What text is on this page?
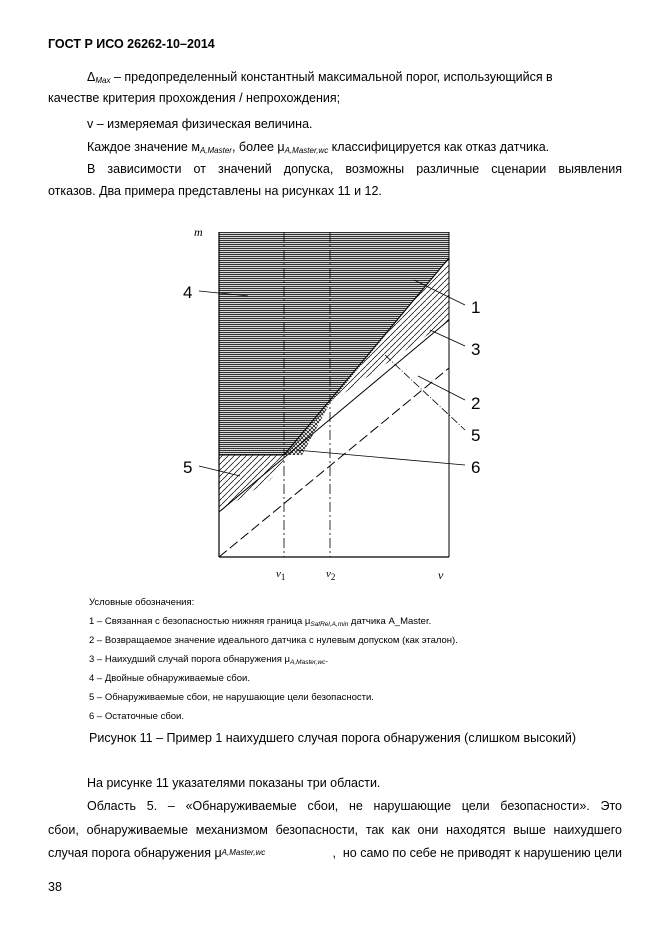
ГОСТ Р ИСО 26262-10–2014
$\Delta_{Max}$ – предопределенный константный максимальной порог, использующийся в
качестве критерия прохождения / непрохождения;
v – измеряемая физическая величина.
Каждое значение $м_{A,Master}$, более $\mu_{A,Master,wc}$ классифицируется как отказ датчика.
В зависимости от значений допуска, возможны различные сценарии выявления
отказов. Два примера представлены на рисунках 11 и 12.
m
v
$v_1$	$v_2$
4
1
3
2
5
5	6
Условные обозначения:
1 – Связанная с безопасностью нижняя граница $\mu_{SafRel,A,min}$ датчика A_Master.
2 – Возвращаемое значение идеального датчика с нулевым допуском (как эталон).
3 – Наихудший случай порога обнаружения $\mu_{A,Master,wc}$.
4 – Двойные обнаруживаемые сбои.
5 – Обнаруживаемые сбои, не нарушающие цели безопасности.
6 – Остаточные сбои.
Рисунок 11 – Пример 1 наихудшего случая порога обнаружения (слишком высокий)
На рисунке 11 указателями показаны три области.
Область 5. – «Обнаруживаемые сбои, не нарушающие цели безопасности». Это
сбои, обнаруживаемые механизмом безопасности, так как они находятся выше наихудшего
случая порога обнаружения μ A,Master,wc	,  но само по себе не приводят к нарушению цели
38
